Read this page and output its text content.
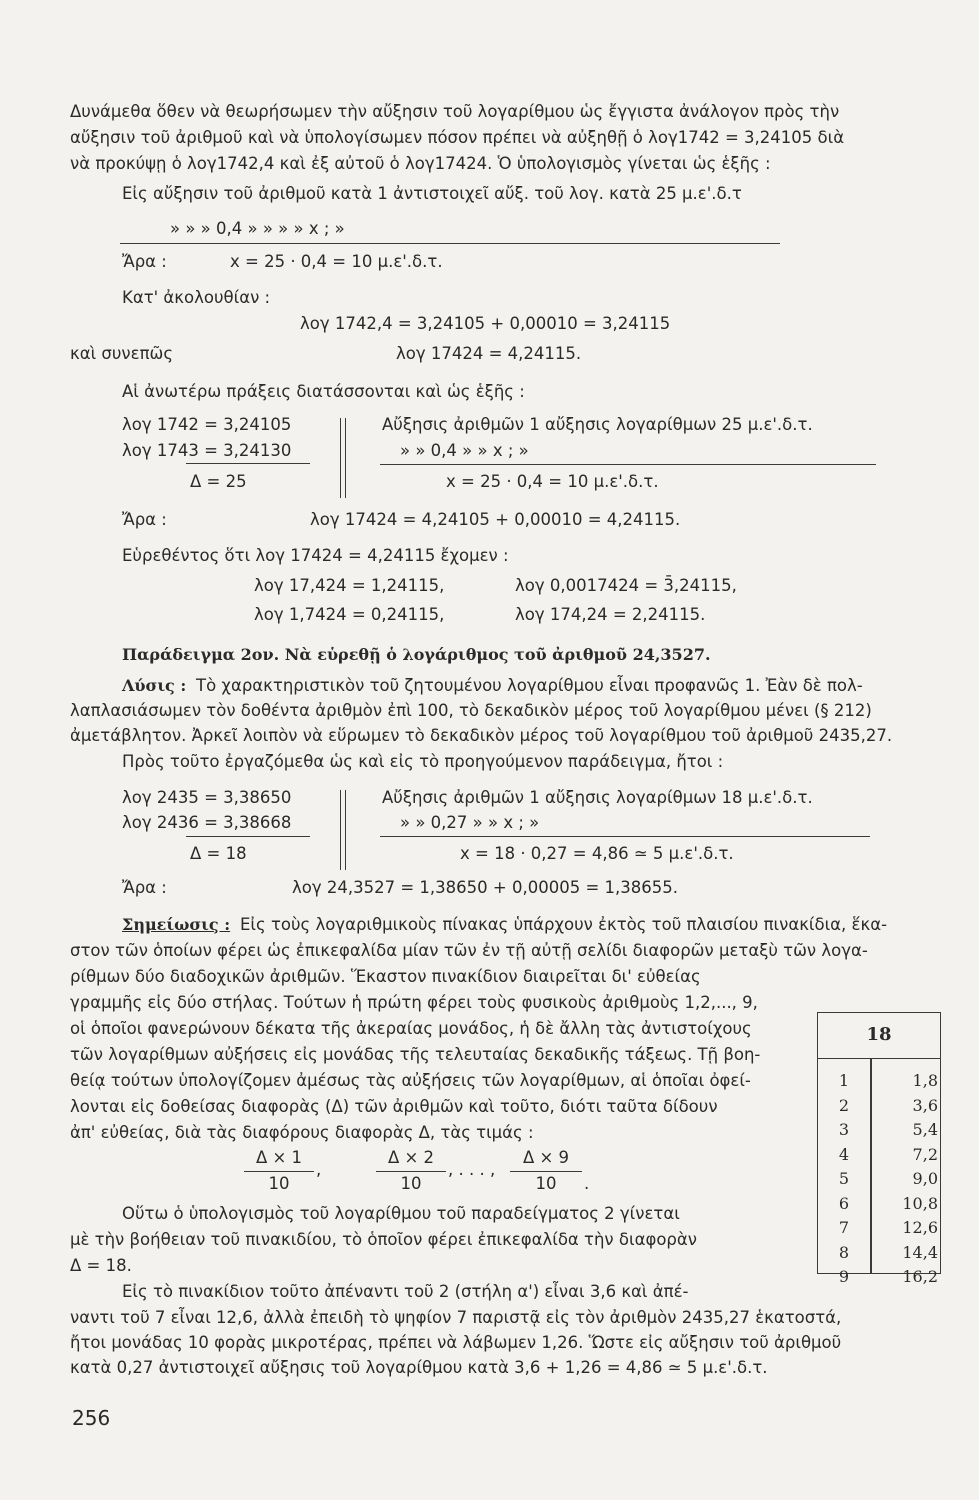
Δυνάμεθα ὅθεν νὰ θεωρήσωμεν τὴν αὔξησιν τοῦ λογαρίθμου ὡς ἔγγιστα ἀνάλογον πρὸς τὴν
αὔξησιν τοῦ ἀριθμοῦ καὶ νὰ ὑπολογίσωμεν πόσον πρέπει νὰ αὐξηθῇ ὁ λογ1742 = 3,24105 διὰ
νὰ προκύψῃ ὁ λογ1742,4 καὶ ἐξ αὐτοῦ ὁ λογ17424. Ὁ ὑπολογισμὸς γίνεται ὡς ἑξῆς :
Εἰς αὔξησιν τοῦ ἀριθμοῦ κατὰ 1 ἀντιστοιχεῖ αὔξ. τοῦ λογ. κατὰ 25 μ.ε'.δ.τ
» » » 0,4 » » » » x ; »
Ἄρα :	x = 25 · 0,4 = 10 μ.ε'.δ.τ.
Κατ' ἀκολουθίαν :
λογ 1742,4 = 3,24105 + 0,00010 = 3,24115
καὶ συνεπῶς	λογ 17424 = 4,24115.
Αἱ ἀνωτέρω πράξεις διατάσσονται καὶ ὡς ἑξῆς :
λογ 1742 = 3,24105
λογ 1743 = 3,24130
Δ = 25
Αὔξησις ἀριθμῶν 1 αὔξησις λογαρίθμων 25 μ.ε'.δ.τ.
» » 0,4 » » x ; »
x = 25 · 0,4 = 10 μ.ε'.δ.τ.
Ἄρα :	λογ 17424 = 4,24105 + 0,00010 = 4,24115.
Εὑρεθέντος ὅτι λογ 17424 = 4,24115 ἔχομεν :
λογ 17,424 = 1,24115,	λογ 0,0017424 = 3̄,24115,
λογ 1,7424 = 0,24115,	λογ 174,24 = 2,24115.
Παράδειγμα 2ον. Νὰ εὑρεθῇ ὁ λογάριθμος τοῦ ἀριθμοῦ 24,3527.
Λύσις : Τὸ χαρακτηριστικὸν τοῦ ζητουμένου λογαρίθμου εἶναι προφανῶς 1. Ἐὰν δὲ πολ-
λαπλασιάσωμεν τὸν δοθέντα ἀριθμὸν ἐπὶ 100, τὸ δεκαδικὸν μέρος τοῦ λογαρίθμου μένει (§ 212)
ἀμετάβλητον. Ἀρκεῖ λοιπὸν νὰ εὕρωμεν τὸ δεκαδικὸν μέρος τοῦ λογαρίθμου τοῦ ἀριθμοῦ 2435,27.
Πρὸς τοῦτο ἐργαζόμεθα ὡς καὶ εἰς τὸ προηγούμενον παράδειγμα, ἤτοι :
λογ 2435 = 3,38650
λογ 2436 = 3,38668
Δ = 18
Αὔξησις ἀριθμῶν 1 αὔξησις λογαρίθμων 18 μ.ε'.δ.τ.
» » 0,27 » » x ; »
x = 18 · 0,27 = 4,86 ≃ 5 μ.ε'.δ.τ.
Ἄρα :	λογ 24,3527 = 1,38650 + 0,00005 = 1,38655.
Σημείωσις : Εἰς τοὺς λογαριθμικοὺς πίνακας ὑπάρχουν ἐκτὸς τοῦ πλαισίου πινακίδια, ἕκα-
στον τῶν ὁποίων φέρει ὡς ἐπικεφαλίδα μίαν τῶν ἐν τῇ αὐτῇ σελίδι διαφορῶν μεταξὺ τῶν λογα-
ρίθμων δύο διαδοχικῶν ἀριθμῶν. Ἕκαστον πινακίδιον διαιρεῖται δι' εὐθείας
γραμμῆς εἰς δύο στήλας. Τούτων ἡ πρώτη φέρει τοὺς φυσικοὺς ἀριθμοὺς 1,2,..., 9,
οἱ ὁποῖοι φανερώνουν δέκατα τῆς ἀκεραίας μονάδος, ἡ δὲ ἄλλη τὰς ἀντιστοίχους
τῶν λογαρίθμων αὐξήσεις εἰς μονάδας τῆς τελευταίας δεκαδικῆς τάξεως. Τῇ βοη-
θείᾳ τούτων ὑπολογίζομεν ἀμέσως τὰς αὐξήσεις τῶν λογαρίθμων, αἱ ὁποῖαι ὀφεί-
λονται εἰς δοθείσας διαφορὰς (Δ) τῶν ἀριθμῶν καὶ τοῦτο, διότι ταῦτα δίδουν
ἀπ' εὐθείας, διὰ τὰς διαφόρους διαφορὰς Δ, τὰς τιμάς :
Δ × 1
10
,
Δ × 2
10
, . . . ,
Δ × 9
10	.
Οὕτω ὁ ὑπολογισμὸς τοῦ λογαρίθμου τοῦ παραδείγματος 2 γίνεται
μὲ τὴν βοήθειαν τοῦ πινακιδίου, τὸ ὁποῖον φέρει ἐπικεφαλίδα τὴν διαφορὰν
Δ = 18.
Εἰς τὸ πινακίδιον τοῦτο ἀπέναντι τοῦ 2 (στήλη α') εἶναι 3,6 καὶ ἀπέ-
ναντι τοῦ 7 εἶναι 12,6, ἀλλὰ ἐπειδὴ τὸ ψηφίον 7 παριστᾷ εἰς τὸν ἀριθμὸν 2435,27 ἑκατοστά,
ἤτοι μονάδας 10 φορὰς μικροτέρας, πρέπει νὰ λάβωμεν 1,26. Ὥστε εἰς αὔξησιν τοῦ ἀριθμοῦ
κατὰ 0,27 ἀντιστοιχεῖ αὔξησις τοῦ λογαρίθμου κατὰ 3,6 + 1,26 = 4,86 ≃ 5 μ.ε'.δ.τ.
18
1	1,8
2	3,6
3	5,4
4	7,2
5	9,0
6	10,8
7	12,6
8	14,4
9	16,2
256
